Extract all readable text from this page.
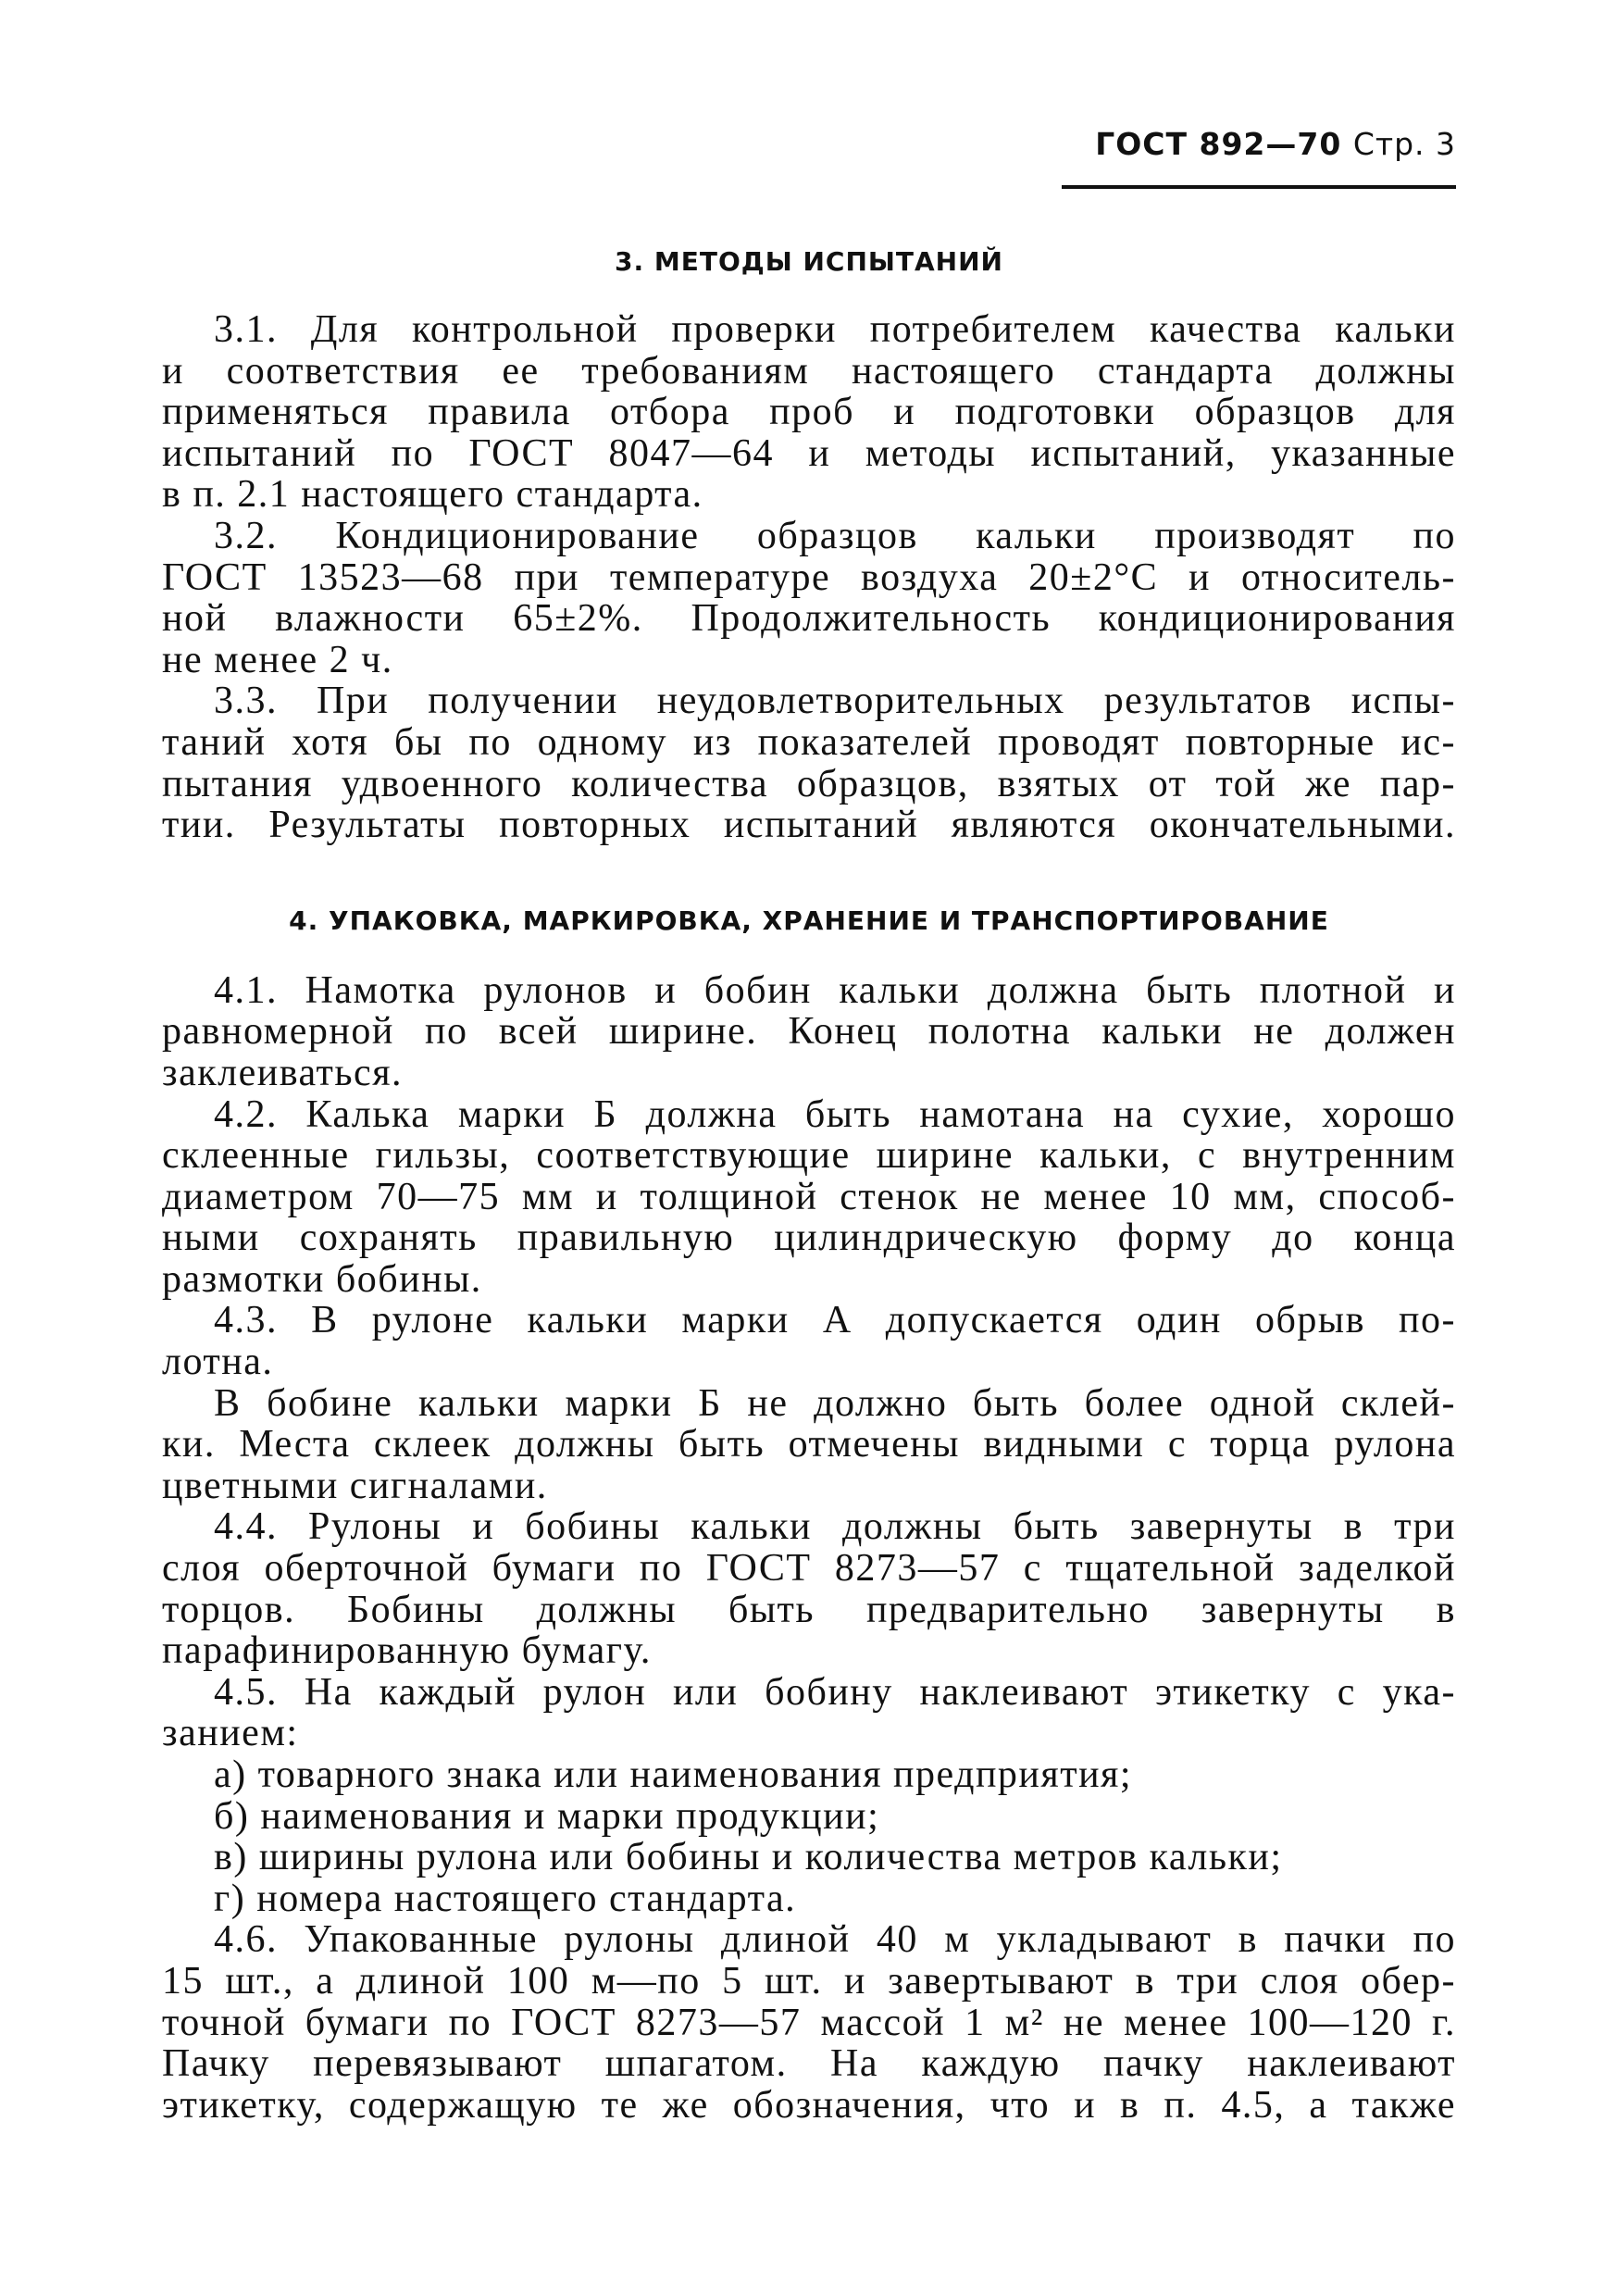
ГОСТ 892—70 Стр. 3
3. МЕТОДЫ ИСПЫТАНИЙ
3.1. Для контрольной проверки потребителем качества кальки
и соответствия ее требованиям настоящего стандарта должны
применяться правила отбора проб и подготовки образцов для
испытаний по ГОСТ 8047—64 и методы испытаний, указанные
в п. 2.1 настоящего стандарта.
3.2. Кондиционирование образцов кальки производят по
ГОСТ 13523—68 при температуре воздуха 20±2°С и относитель-
ной влажности 65±2%. Продолжительность кондиционирования
не менее 2 ч.
3.3. При получении неудовлетворительных результатов испы-
таний хотя бы по одному из показателей проводят повторные ис-
пытания удвоенного количества образцов, взятых от той же пар-
тии. Результаты повторных испытаний являются окончательными.
4. УПАКОВКА, МАРКИРОВКА, ХРАНЕНИЕ И ТРАНСПОРТИРОВАНИЕ
4.1. Намотка рулонов и бобин кальки должна быть плотной и
равномерной по всей ширине. Конец полотна кальки не должен
заклеиваться.
4.2. Калька марки Б должна быть намотана на сухие, хорошо
склеенные гильзы, соответствующие ширине кальки, с внутренним
диаметром 70—75 мм и толщиной стенок не менее 10 мм, способ-
ными сохранять правильную цилиндрическую форму до конца
размотки бобины.
4.3. В рулоне кальки марки А допускается один обрыв по-
лотна.
В бобине кальки марки Б не должно быть более одной склей-
ки. Места склеек должны быть отмечены видными с торца рулона
цветными сигналами.
4.4. Рулоны и бобины кальки должны быть завернуты в три
слоя оберточной бумаги по ГОСТ 8273—57 с тщательной заделкой
торцов. Бобины должны быть предварительно завернуты в
парафинированную бумагу.
4.5. На каждый рулон или бобину наклеивают этикетку с ука-
занием:
а) товарного знака или наименования предприятия;
б) наименования и марки продукции;
в) ширины рулона или бобины и количества метров кальки;
г) номера настоящего стандарта.
4.6. Упакованные рулоны длиной 40 м укладывают в пачки по
15 шт., а длиной 100 м—по 5 шт. и завертывают в три слоя обер-
точной бумаги по ГОСТ 8273—57 массой 1 м² не менее 100—120 г.
Пачку перевязывают шпагатом. На каждую пачку наклеивают
этикетку, содержащую те же обозначения, что и в п. 4.5, а также
